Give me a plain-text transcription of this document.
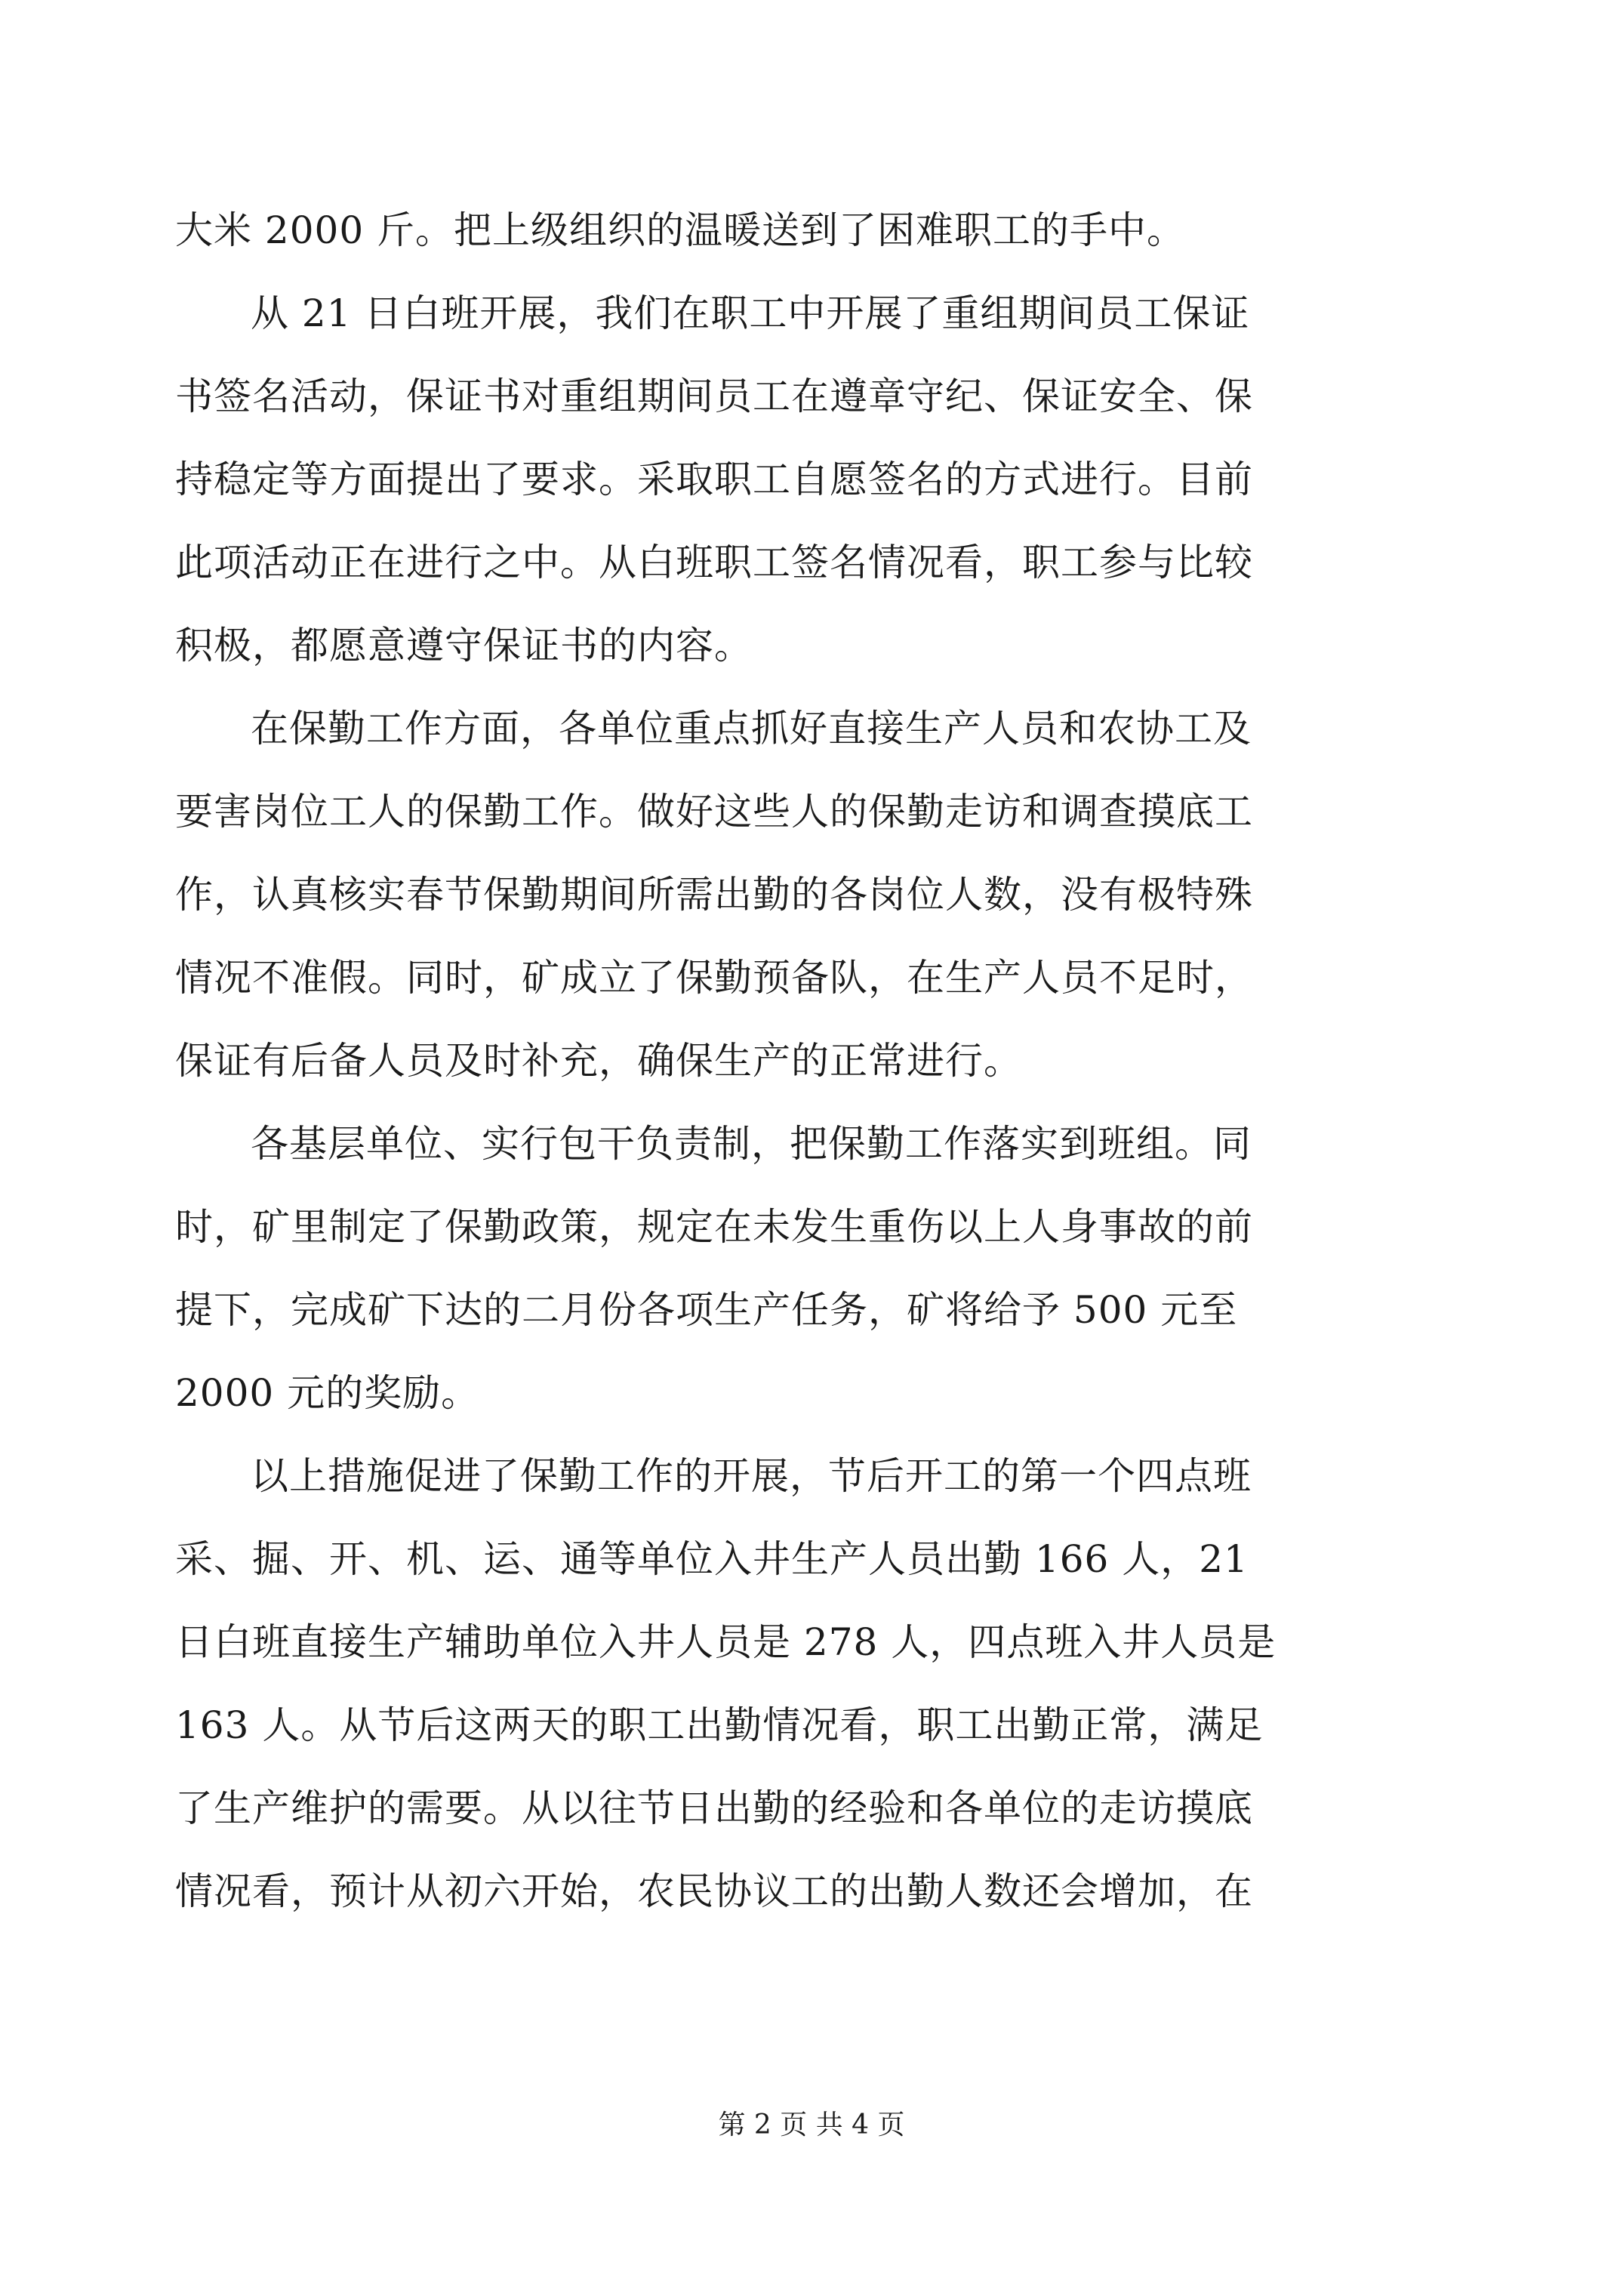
大米 2000 斤。把上级组织的温暖送到了困难职工的手中。
从 21 日白班开展，我们在职工中开展了重组期间员工保证
书签名活动，保证书对重组期间员工在遵章守纪、保证安全、保
持稳定等方面提出了要求。采取职工自愿签名的方式进行。目前
此项活动正在进行之中。从白班职工签名情况看，职工参与比较
积极，都愿意遵守保证书的内容。
在保勤工作方面，各单位重点抓好直接生产人员和农协工及
要害岗位工人的保勤工作。做好这些人的保勤走访和调查摸底工
作，认真核实春节保勤期间所需出勤的各岗位人数，没有极特殊
情况不准假。同时，矿成立了保勤预备队，在生产人员不足时，
保证有后备人员及时补充，确保生产的正常进行。
各基层单位、实行包干负责制，把保勤工作落实到班组。同
时，矿里制定了保勤政策，规定在未发生重伤以上人身事故的前
提下，完成矿下达的二月份各项生产任务，矿将给予 500 元至
2000 元的奖励。
以上措施促进了保勤工作的开展，节后开工的第一个四点班
采、掘、开、机、运、通等单位入井生产人员出勤 166 人，21
日白班直接生产辅助单位入井人员是 278 人，四点班入井人员是
163 人。从节后这两天的职工出勤情况看，职工出勤正常，满足
了生产维护的需要。从以往节日出勤的经验和各单位的走访摸底
情况看，预计从初六开始，农民协议工的出勤人数还会增加，在
第 2 页 共 4 页
